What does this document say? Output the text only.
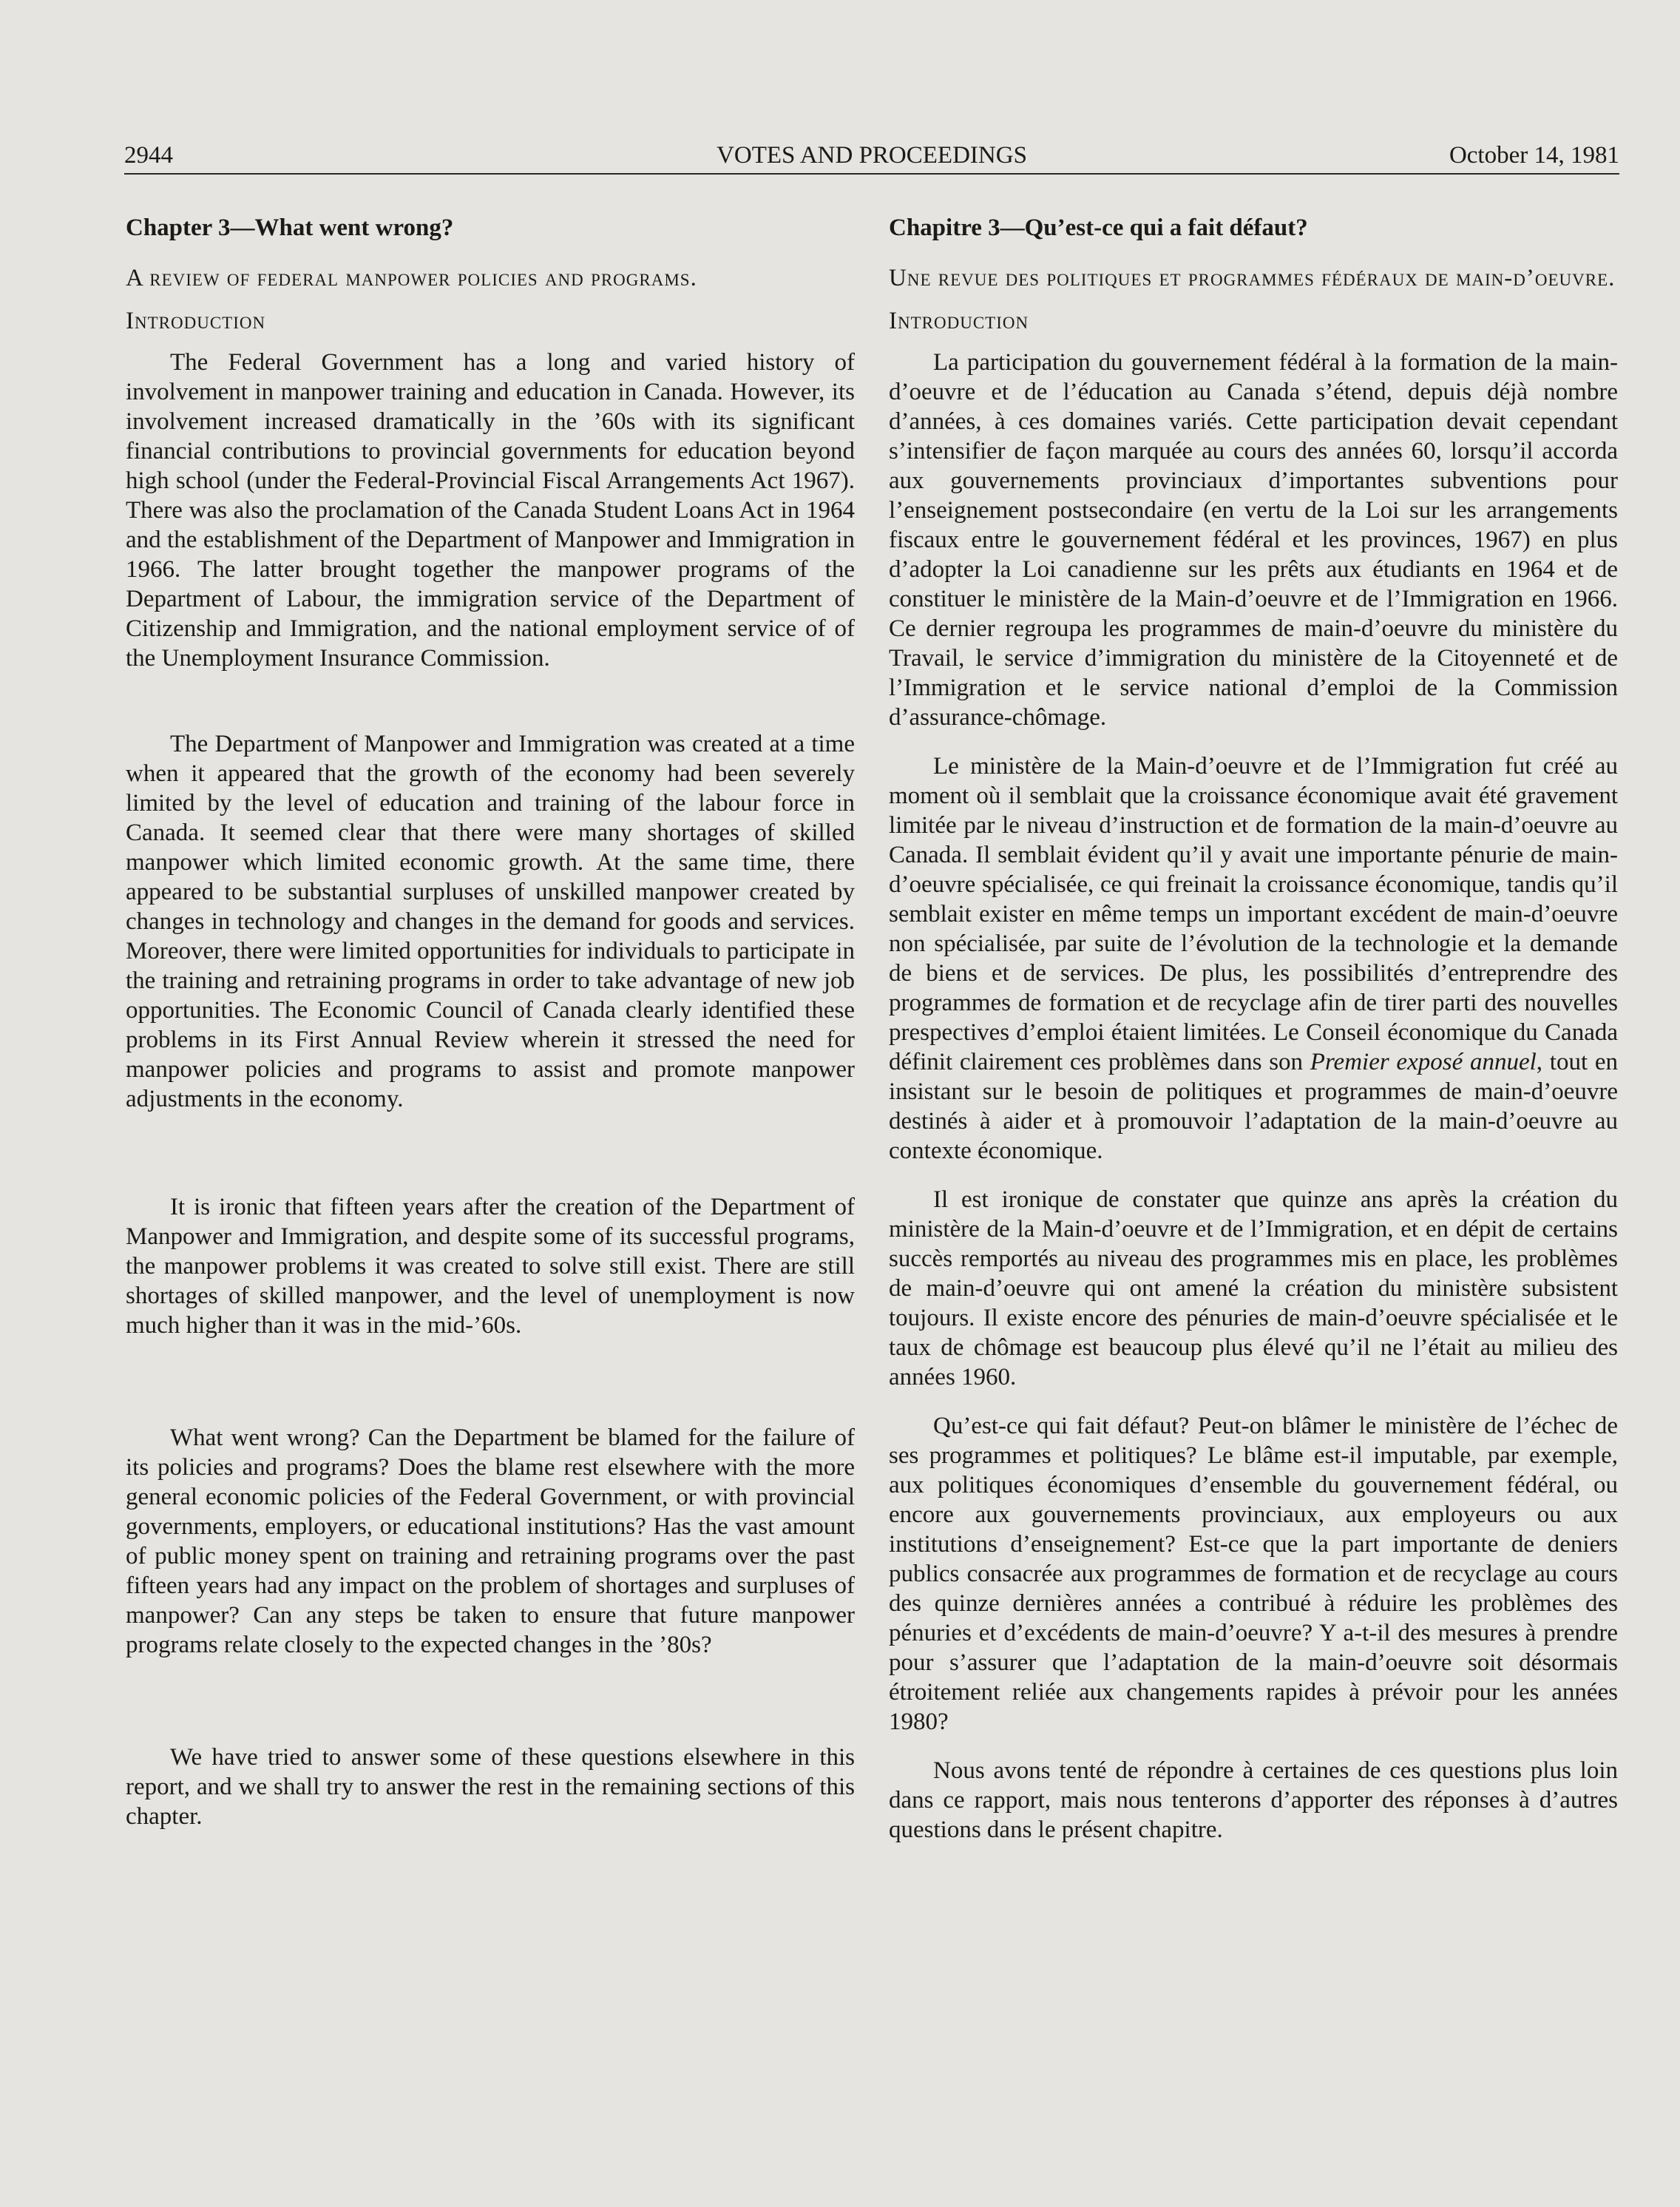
2944	VOTES AND PROCEEDINGS	October 14, 1981

Chapter 3—What went wrong?

A review of federal manpower policies and programs.

Introduction

The Federal Government has a long and varied history of involvement in manpower training and education in Canada. However, its involvement increased dramatically in the ’60s with its significant financial contributions to provincial governments for education beyond high school (under the Federal-Provincial Fiscal Arrangements Act 1967). There was also the proclamation of the Canada Student Loans Act in 1964 and the establishment of the Department of Manpower and Immigration in 1966. The latter brought together the manpower programs of the Department of Labour, the immigration service of the Department of Citizenship and Immigration, and the national employment service of of the Unemployment Insurance Commission.

The Department of Manpower and Immigration was created at a time when it appeared that the growth of the economy had been severely limited by the level of education and training of the labour force in Canada. It seemed clear that there were many shortages of skilled manpower which limited economic growth. At the same time, there appeared to be substantial surpluses of unskilled manpower created by changes in technology and changes in the demand for goods and services. Moreover, there were limited opportunities for individuals to participate in the training and retraining programs in order to take advantage of new job opportunities. The Economic Council of Canada clearly identified these problems in its First Annual Review wherein it stressed the need for manpower policies and programs to assist and promote manpower adjustments in the economy.

It is ironic that fifteen years after the creation of the Department of Manpower and Immigration, and despite some of its successful programs, the manpower problems it was created to solve still exist. There are still shortages of skilled manpower, and the level of unemployment is now much higher than it was in the mid-’60s.

What went wrong? Can the Department be blamed for the failure of its policies and programs? Does the blame rest elsewhere with the more general economic policies of the Federal Government, or with provincial governments, employers, or educational institutions? Has the vast amount of public money spent on training and retraining programs over the past fifteen years had any impact on the problem of shortages and surpluses of manpower? Can any steps be taken to ensure that future manpower programs relate closely to the expected changes in the ’80s?

We have tried to answer some of these questions elsewhere in this report, and we shall try to answer the rest in the remaining sections of this chapter.

Chapitre 3—Qu’est-ce qui a fait défaut?

Une revue des politiques et programmes fédéraux de main-d’oeuvre.

Introduction

La participation du gouvernement fédéral à la formation de la main-d’oeuvre et de l’éducation au Canada s’étend, depuis déjà nombre d’années, à ces domaines variés. Cette participation devait cependant s’intensifier de façon marquée au cours des années 60, lorsqu’il accorda aux gouvernements provinciaux d’importantes subventions pour l’enseignement postsecondaire (en vertu de la Loi sur les arrangements fiscaux entre le gouvernement fédéral et les provinces, 1967) en plus d’adopter la Loi canadienne sur les prêts aux étudiants en 1964 et de constituer le ministère de la Main-d’oeuvre et de l’Immigration en 1966. Ce dernier regroupa les programmes de main-d’oeuvre du ministère du Travail, le service d’immigration du ministère de la Citoyenneté et de l’Immigration et le service national d’emploi de la Commission d’assurance-chômage.

Le ministère de la Main-d’oeuvre et de l’Immigration fut créé au moment où il semblait que la croissance économique avait été gravement limitée par le niveau d’instruction et de formation de la main-d’oeuvre au Canada. Il semblait évident qu’il y avait une importante pénurie de main-d’oeuvre spécialisée, ce qui freinait la croissance économique, tandis qu’il semblait exister en même temps un important excédent de main-d’oeuvre non spécialisée, par suite de l’évolution de la technologie et la demande de biens et de services. De plus, les possibilités d’entreprendre des programmes de formation et de recyclage afin de tirer parti des nouvelles prespectives d’emploi étaient limitées. Le Conseil économique du Canada définit clairement ces problèmes dans son Premier exposé annuel, tout en insistant sur le besoin de politiques et programmes de main-d’oeuvre destinés à aider et à promouvoir l’adaptation de la main-d’oeuvre au contexte économique.

Il est ironique de constater que quinze ans après la création du ministère de la Main-d’oeuvre et de l’Immigration, et en dépit de certains succès remportés au niveau des programmes mis en place, les problèmes de main-d’oeuvre qui ont amené la création du ministère subsistent toujours. Il existe encore des pénuries de main-d’oeuvre spécialisée et le taux de chômage est beaucoup plus élevé qu’il ne l’était au milieu des années 1960.

Qu’est-ce qui fait défaut? Peut-on blâmer le ministère de l’échec de ses programmes et politiques? Le blâme est-il imputable, par exemple, aux politiques économiques d’ensemble du gouvernement fédéral, ou encore aux gouvernements provinciaux, aux employeurs ou aux institutions d’enseignement? Est-ce que la part importante de deniers publics consacrée aux programmes de formation et de recyclage au cours des quinze dernières années a contribué à réduire les problèmes des pénuries et d’excédents de main-d’oeuvre? Y a-t-il des mesures à prendre pour s’assurer que l’adaptation de la main-d’oeuvre soit désormais étroitement reliée aux changements rapides à prévoir pour les années 1980?

Nous avons tenté de répondre à certaines de ces questions plus loin dans ce rapport, mais nous tenterons d’apporter des réponses à d’autres questions dans le présent chapitre.
